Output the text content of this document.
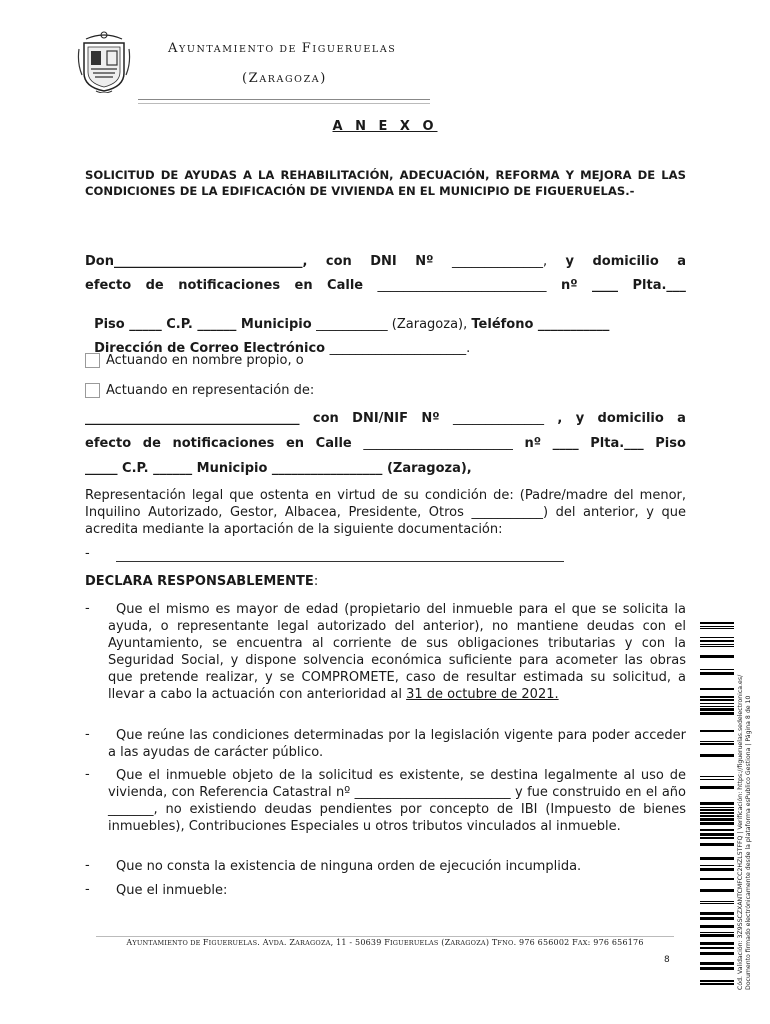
AYUNTAMIENTO DE FIGUERUELAS
(ZARAGOZA)
A N E X O
SOLICITUD DE AYUDAS A LA REHABILITACIÓN, ADECUACIÓN, REFORMA Y MEJORA DE LAS CONDICIONES DE LA EDIFICACIÓN DE VIVIENDA EN EL MUNICIPIO DE FIGUERUELAS.-
Don_____________________________, con DNI Nº ______________, y domicilio a
efecto de notificaciones en Calle __________________________ nº ____ Plta.___

Piso _____ C.P. ______ Municipio ___________ (Zaragoza), Teléfono ___________

Dirección de Correo Electrónico _____________________.

Actuando en nombre propio, o
Actuando en representación de:
_________________________________ con DNI/NIF Nº ______________ , y domicilio a
efecto de notificaciones en Calle _______________________ nº ____ Plta.___ Piso
_____ C.P. ______ Municipio _________________ (Zaragoza),
Representación legal que ostenta en virtud de su condición de: (Padre/madre del menor, Inquilino Autorizado, Gestor, Albacea, Presidente, Otros ___________) del anterior, y que acredita mediante la aportación de la siguiente documentación:
-
DECLARA RESPONSABLEMENTE:
-	Que el mismo es mayor de edad (propietario del inmueble para el que se solicita la ayuda, o representante legal autorizado del anterior), no mantiene deudas con el Ayuntamiento, se encuentra al corriente de sus obligaciones tributarias y con la Seguridad Social, y dispone solvencia económica suficiente para acometer las obras que pretende realizar, y se COMPROMETE, caso de resultar estimada su solicitud, a llevar a cabo la actuación con anterioridad al 31 de octubre de 2021.
-	Que reúne las condiciones determinadas por la legislación vigente para poder acceder a las ayudas de carácter público.
-	Que el inmueble objeto de la solicitud es existente, se destina legalmente al uso de vivienda, con Referencia Catastral nº ________________________ y fue construido en el año _______, no existiendo deudas pendientes por concepto de IBI (Impuesto de bienes inmuebles), Contribuciones Especiales u otros tributos vinculados al inmueble.
-	Que no consta la existencia de ninguna orden de ejecución incumplida.
-	Que el inmueble:
AYUNTAMIENTO DE FIGUERUELAS. AVDA. ZARAGOZA, 11 - 50639 FIGUERUELAS (ZARAGOZA) TFNO. 976 656002 FAX: 976 656176
8	Cód. Validación: 3Z9SSCZXANTCMFCC2HZL5TFFQ | Verificación: https://figueruelas.sedelectronica.es/ Documento firmado electrónicamente desde la plataforma esPublico Gestiona | Página 8 de 10
